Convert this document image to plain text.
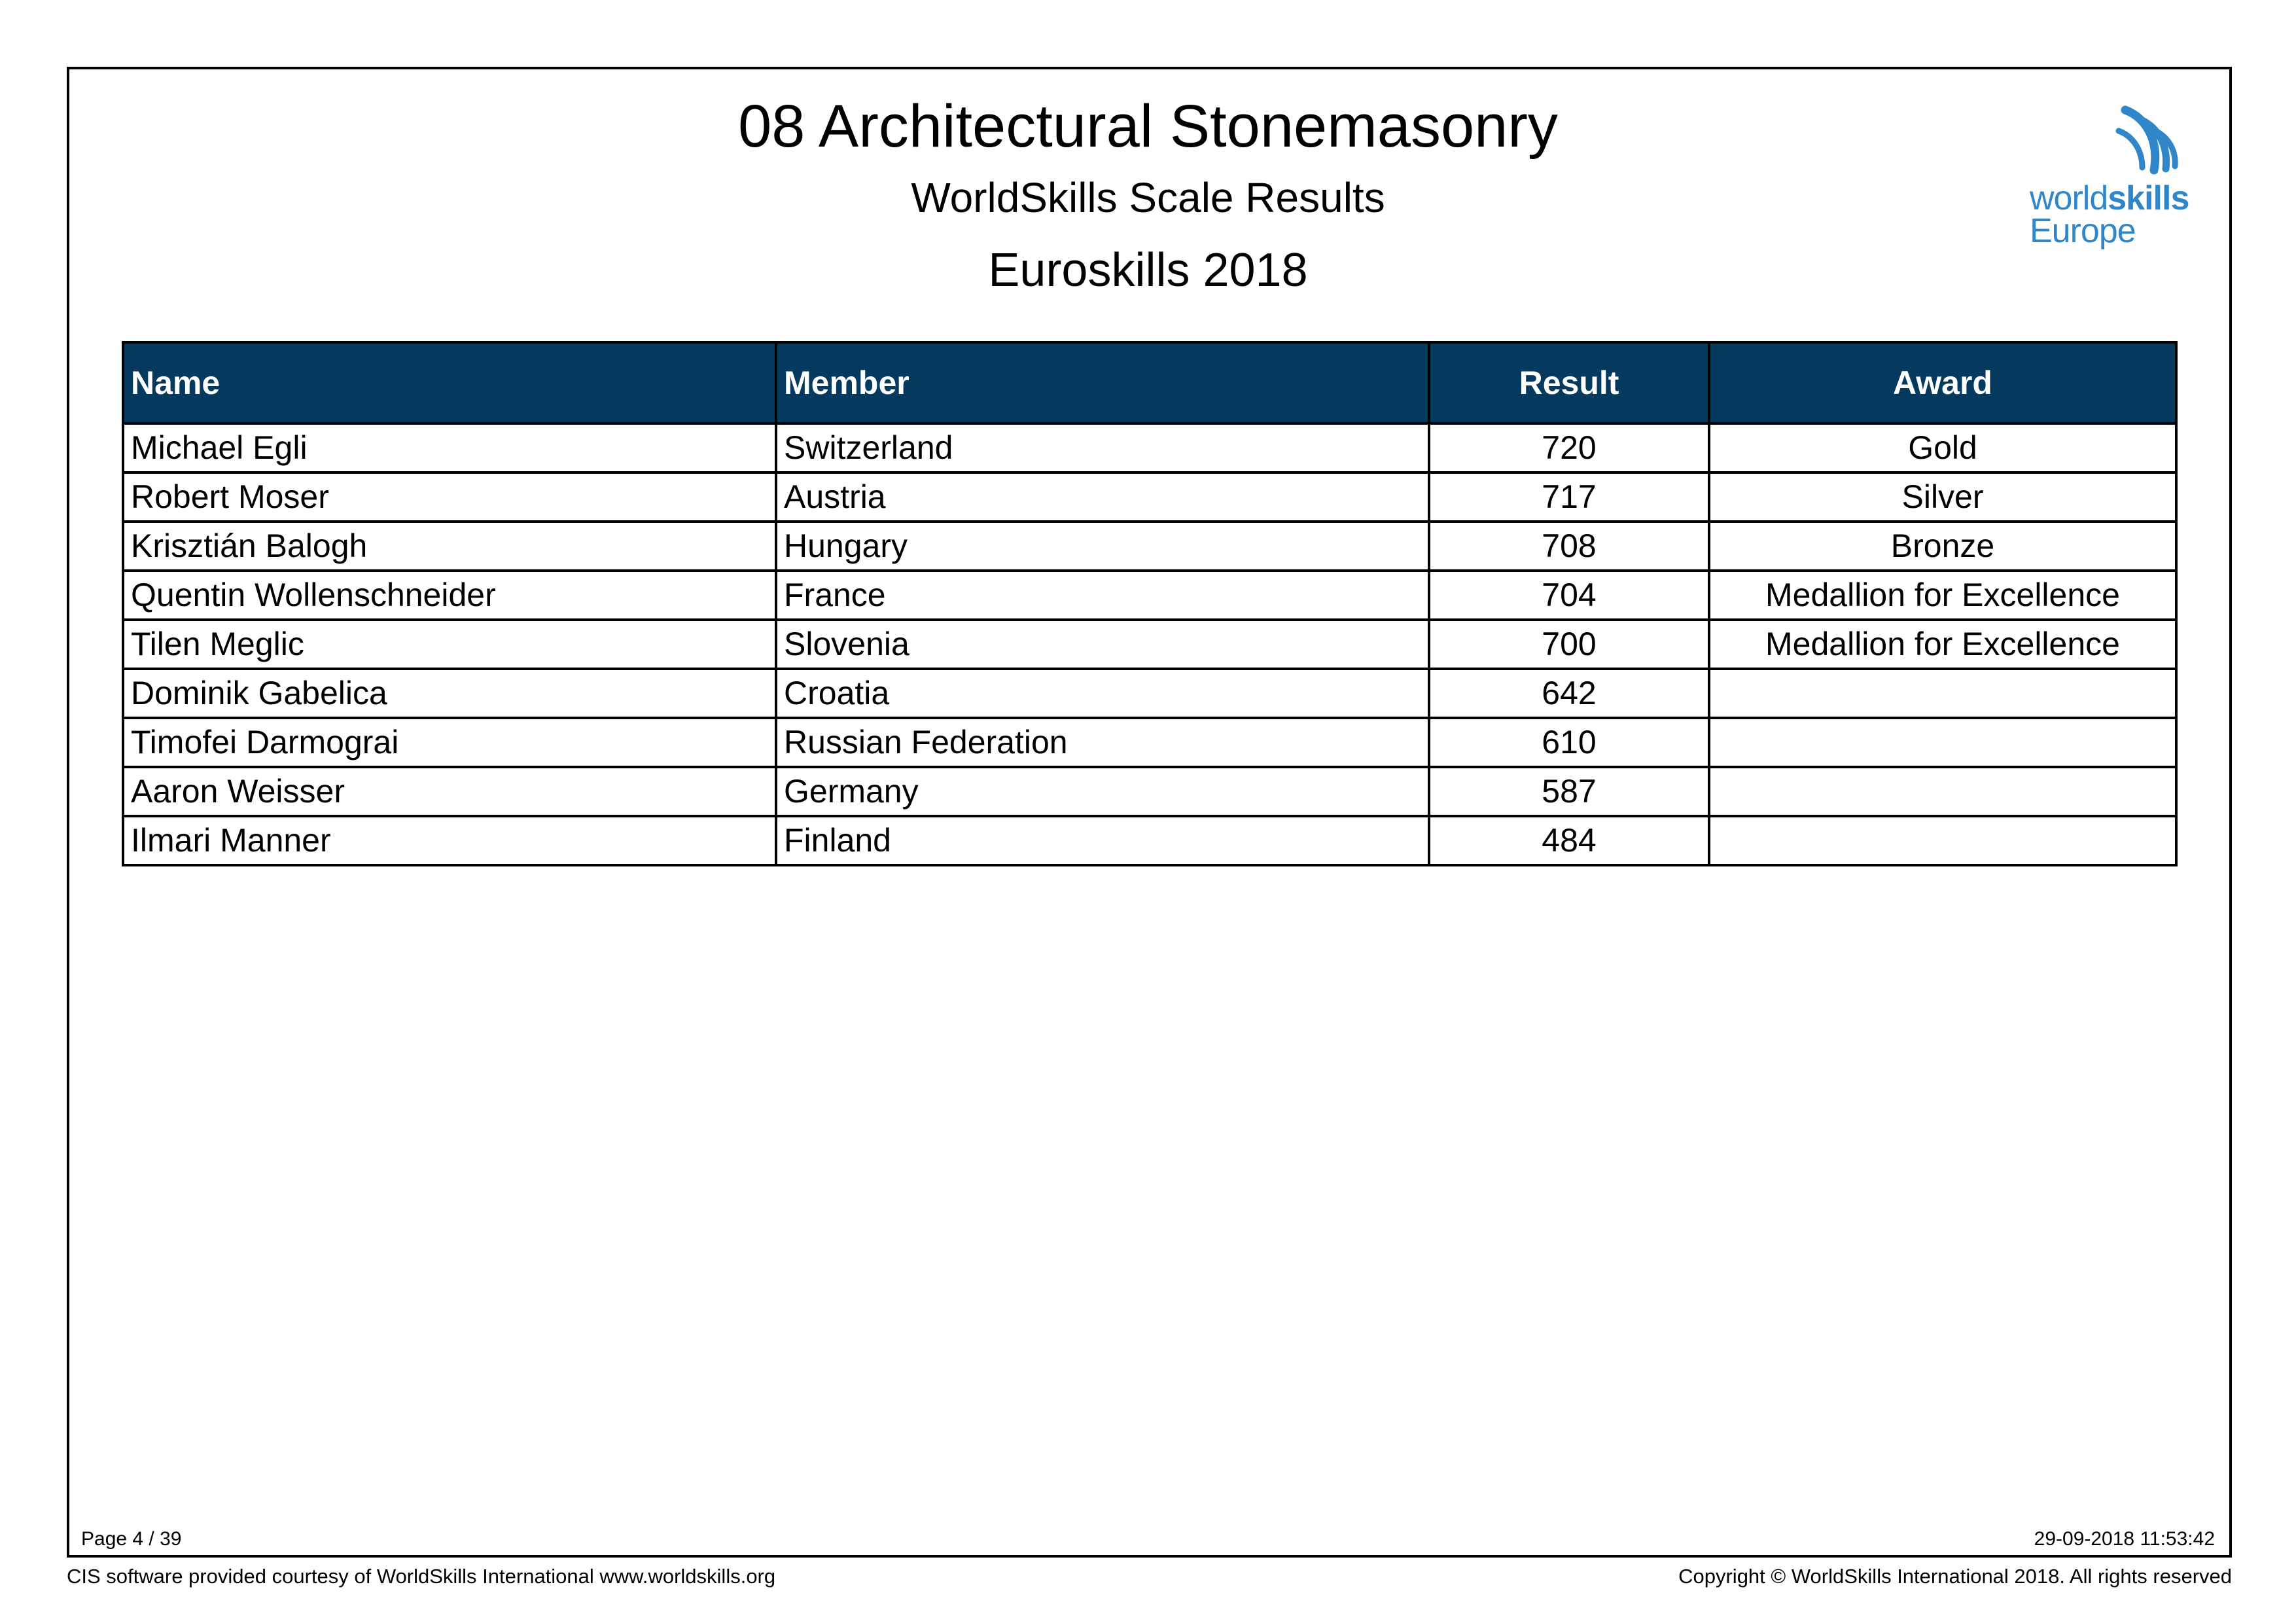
08 Architectural Stonemasonry
WorldSkills Scale Results
Euroskills 2018
worldskills
Europe
Name	Member	Result	Award
Michael Egli	Switzerland	720	Gold
Robert Moser	Austria	717	Silver
Krisztián Balogh	Hungary	708	Bronze
Quentin Wollenschneider	France	704	Medallion for Excellence
Tilen Meglic	Slovenia	700	Medallion for Excellence
Dominik Gabelica	Croatia	642	
Timofei Darmograi	Russian Federation	610	
Aaron Weisser	Germany	587	
Ilmari Manner	Finland	484	
Page 4 / 39	29-09-2018 11:53:42
CIS software provided courtesy of WorldSkills International www.worldskills.org	Copyright © WorldSkills International 2018. All rights reserved
